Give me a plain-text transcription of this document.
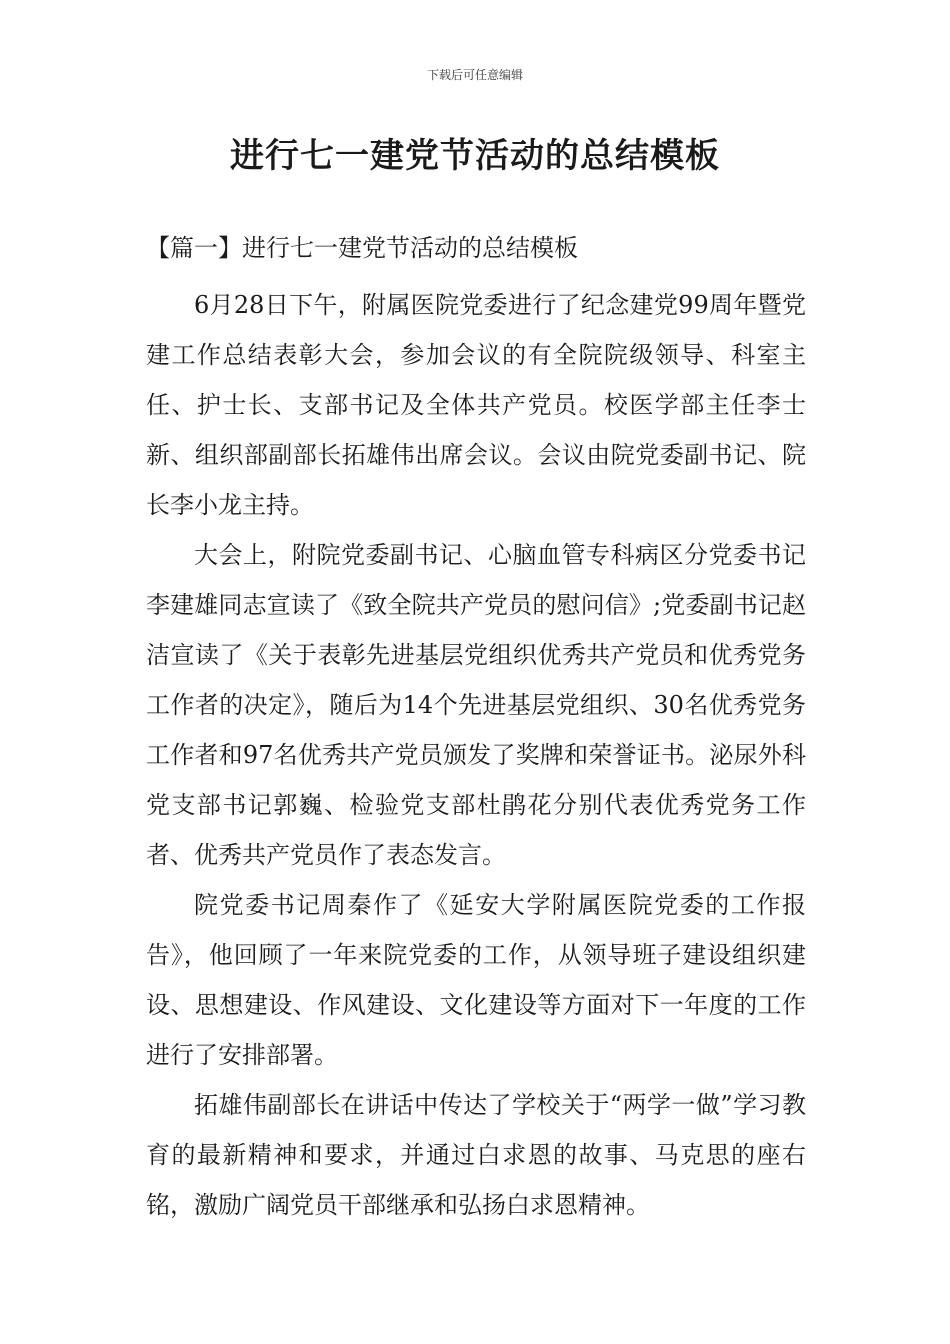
下载后可任意编辑
进行七一建党节活动的总结模板

【篇一】进行七一建党节活动的总结模板

6月28日下午，附属医院党委进行了纪念建党99周年暨党建工作总结表彰大会，参加会议的有全院院级领导、科室主任、护士长、支部书记及全体共产党员。校医学部主任李士新、组织部副部长拓雄伟出席会议。会议由院党委副书记、院长李小龙主持。

大会上，附院党委副书记、心脑血管专科病区分党委书记李建雄同志宣读了《致全院共产党员的慰问信》;党委副书记赵洁宣读了《关于表彰先进基层党组织优秀共产党员和优秀党务工作者的决定》，随后为14个先进基层党组织、30名优秀党务工作者和97名优秀共产党员颁发了奖牌和荣誉证书。泌尿外科党支部书记郭巍、检验党支部杜鹃花分别代表优秀党务工作者、优秀共产党员作了表态发言。

院党委书记周秦作了《延安大学附属医院党委的工作报告》，他回顾了一年来院党委的工作，从领导班子建设组织建设、思想建设、作风建设、文化建设等方面对下一年度的工作进行了安排部署。

拓雄伟副部长在讲话中传达了学校关于“两学一做”学习教育的最新精神和要求，并通过白求恩的故事、马克思的座右铭，激励广阔党员干部继承和弘扬白求恩精神。
